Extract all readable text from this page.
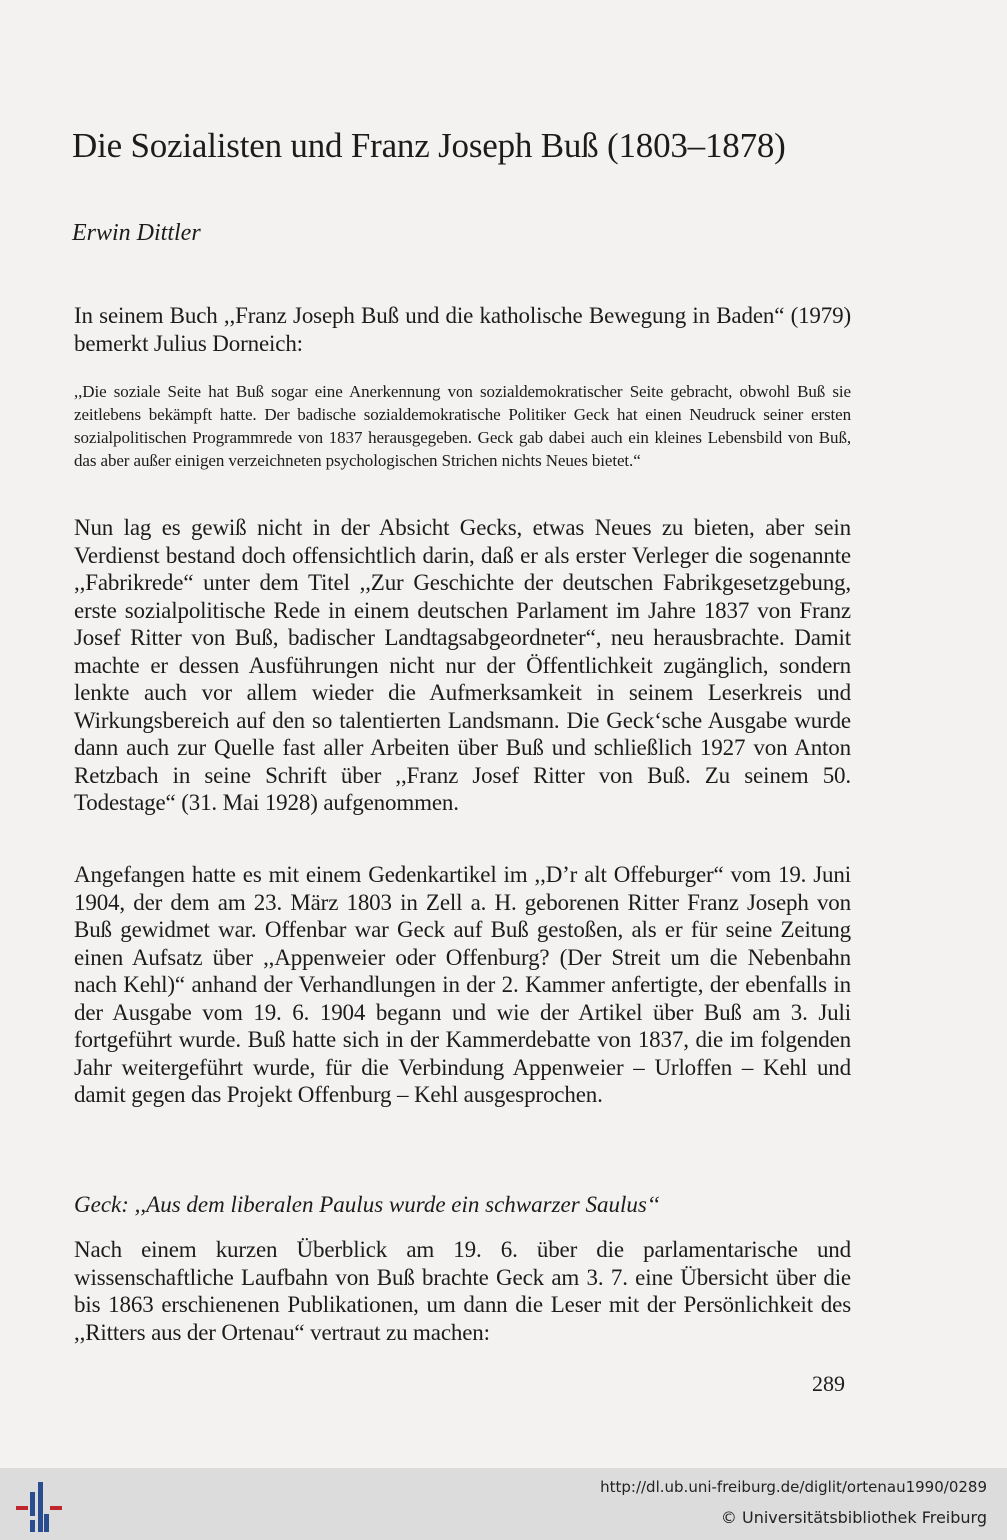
Die Sozialisten und Franz Joseph Buß (1803–1878)
Erwin Dittler
In seinem Buch ,,Franz Joseph Buß und die katholische Bewegung in Baden“ (1979) bemerkt Julius Dorneich:
,,Die soziale Seite hat Buß sogar eine Anerkennung von sozialdemokratischer Seite gebracht, obwohl Buß sie zeitlebens bekämpft hatte. Der badische sozialdemokratische Politiker Geck hat einen Neudruck seiner ersten sozialpolitischen Programmrede von 1837 herausgegeben. Geck gab dabei auch ein kleines Lebensbild von Buß, das aber außer einigen verzeichneten psychologischen Strichen nichts Neues bietet.“
Nun lag es gewiß nicht in der Absicht Gecks, etwas Neues zu bieten, aber sein Verdienst bestand doch offensichtlich darin, daß er als erster Verleger die sogenannte ,,Fabrikrede“ unter dem Titel ,,Zur Geschichte der deutschen Fabrikgesetzgebung, erste sozialpolitische Rede in einem deutschen Parlament im Jahre 1837 von Franz Josef Ritter von Buß, badischer Landtagsabgeordneter“, neu herausbrachte. Damit machte er dessen Ausführungen nicht nur der Öffentlichkeit zugänglich, sondern lenkte auch vor allem wieder die Aufmerksamkeit in seinem Leserkreis und Wirkungsbereich auf den so talentierten Landsmann. Die Geck‘sche Ausgabe wurde dann auch zur Quelle fast aller Arbeiten über Buß und schließlich 1927 von Anton Retzbach in seine Schrift über ,,Franz Josef Ritter von Buß. Zu seinem 50. Todestage“ (31. Mai 1928) aufgenommen.
Angefangen hatte es mit einem Gedenkartikel im ,,D’r alt Offeburger“ vom 19. Juni 1904, der dem am 23. März 1803 in Zell a. H. geborenen Ritter Franz Joseph von Buß gewidmet war. Offenbar war Geck auf Buß gestoßen, als er für seine Zeitung einen Aufsatz über ,,Appenweier oder Offenburg? (Der Streit um die Nebenbahn nach Kehl)“ anhand der Verhandlungen in der 2. Kammer anfertigte, der ebenfalls in der Ausgabe vom 19. 6. 1904 begann und wie der Artikel über Buß am 3. Juli fortgeführt wurde. Buß hatte sich in der Kammerdebatte von 1837, die im folgenden Jahr weitergeführt wurde, für die Verbindung Appenweier – Urloffen – Kehl und damit gegen das Projekt Offenburg – Kehl ausgesprochen.
Geck: ,,Aus dem liberalen Paulus wurde ein schwarzer Saulus‘‘
Nach einem kurzen Überblick am 19. 6. über die parlamentarische und wissenschaftliche Laufbahn von Buß brachte Geck am 3. 7. eine Übersicht über die bis 1863 erschienenen Publikationen, um dann die Leser mit der Persönlichkeit des ,,Ritters aus der Ortenau“ vertraut zu machen:
289
http://dl.ub.uni-freiburg.de/diglit/ortenau1990/0289
© Universitätsbibliothek Freiburg
